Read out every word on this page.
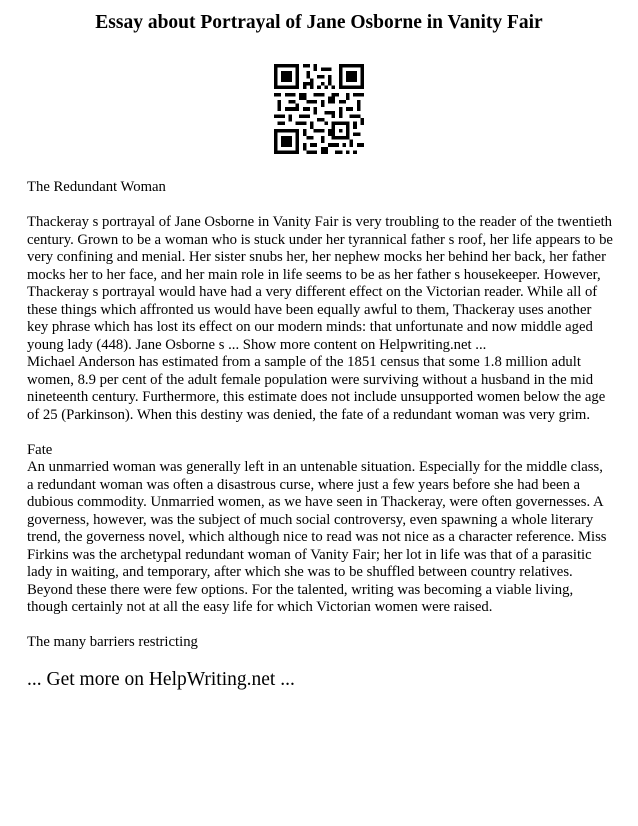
Essay about Portrayal of Jane Osborne in Vanity Fair

The Redundant Woman

Thackeray s portrayal of Jane Osborne in Vanity Fair is very troubling to the reader of the twentieth century. Grown to be a woman who is stuck under her tyrannical father s roof, her life appears to be very confining and menial. Her sister snubs her, her nephew mocks her behind her back, her father mocks her to her face, and her main role in life seems to be as her father s housekeeper. However, Thackeray s portrayal would have had a very different effect on the Victorian reader. While all of these things which affronted us would have been equally awful to them, Thackeray uses another key phrase which has lost its effect on our modern minds: that unfortunate and now middle aged young lady (448). Jane Osborne s ... Show more content on Helpwriting.net ...

Michael Anderson has estimated from a sample of the 1851 census that some 1.8 million adult women, 8.9 per cent of the adult female population were surviving without a husband in the mid nineteenth century. Furthermore, this estimate does not include unsupported women below the age of 25 (Parkinson). When this destiny was denied, the fate of a redundant woman was very grim.

Fate

An unmarried woman was generally left in an untenable situation. Especially for the middle class, a redundant woman was often a disastrous curse, where just a few years before she had been a dubious commodity. Unmarried women, as we have seen in Thackeray, were often governesses. A governess, however, was the subject of much social controversy, even spawning a whole literary trend, the governess novel, which although nice to read was not nice as a character reference. Miss Firkins was the archetypal redundant woman of Vanity Fair; her lot in life was that of a parasitic lady in waiting, and temporary, after which she was to be shuffled between country relatives. Beyond these there were few options. For the talented, writing was becoming a viable living, though certainly not at all the easy life for which Victorian women were raised.

The many barriers restricting

... Get more on HelpWriting.net ...
